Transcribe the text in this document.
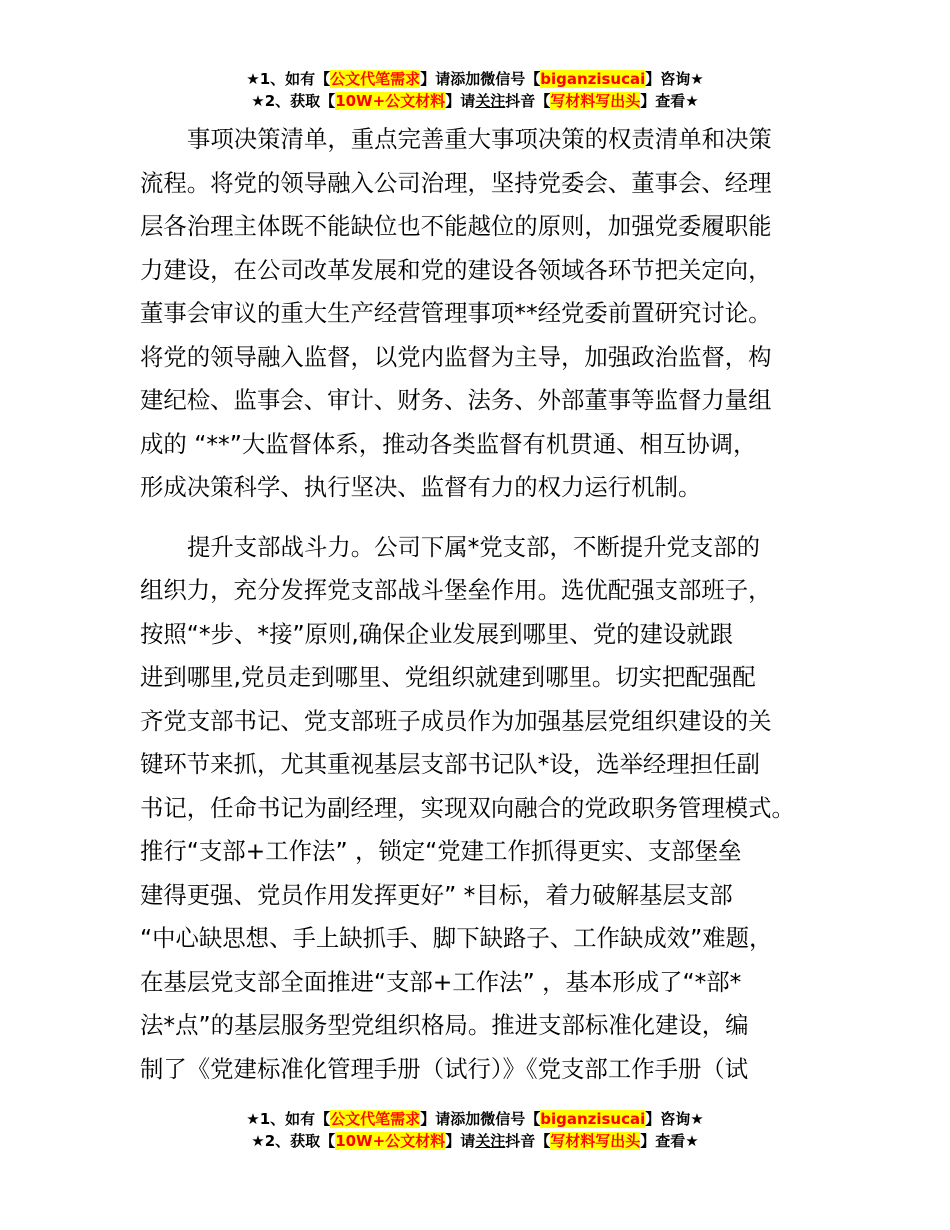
★1、如有【公文代笔需求】请添加微信号【biganzisucai】咨询★
★2、获取【10W+公文材料】请关注抖音【写材料写出头】查看★
事项决策清单，重点完善重大事项决策的权责清单和决策
流程。将党的领导融入公司治理，坚持党委会、董事会、经理
层各治理主体既不能缺位也不能越位的原则，加强党委履职能
力建设，在公司改革发展和党的建设各领域各环节把关定向，
董事会审议的重大生产经营管理事项**经党委前置研究讨论。
将党的领导融入监督，以党内监督为主导，加强政治监督，构
建纪检、监事会、审计、财务、法务、外部董事等监督力量组
成的 “**”大监督体系，推动各类监督有机贯通、相互协调，
形成决策科学、执行坚决、监督有力的权力运行机制。
提升支部战斗力。公司下属*党支部，不断提升党支部的
组织力，充分发挥党支部战斗堡垒作用。选优配强支部班子，
按照“*步、*接”原则,确保企业发展到哪里、党的建设就跟
进到哪里,党员走到哪里、党组织就建到哪里。切实把配强配
齐党支部书记、党支部班子成员作为加强基层党组织建设的关
键环节来抓，尤其重视基层支部书记队*设，选举经理担任副
书记，任命书记为副经理，实现双向融合的党政职务管理模式。
推行“支部+工作法” ，锁定“党建工作抓得更实、支部堡垒
建得更强、党员作用发挥更好” *目标，着力破解基层支部
“中心缺思想、手上缺抓手、脚下缺路子、工作缺成效”难题，
在基层党支部全面推进“支部+工作法” ，基本形成了“*部*
法*点”的基层服务型党组织格局。推进支部标准化建设，编
制了《党建标准化管理手册（试行）》《党支部工作手册（试
★1、如有【公文代笔需求】请添加微信号【biganzisucai】咨询★
★2、获取【10W+公文材料】请关注抖音【写材料写出头】查看★
